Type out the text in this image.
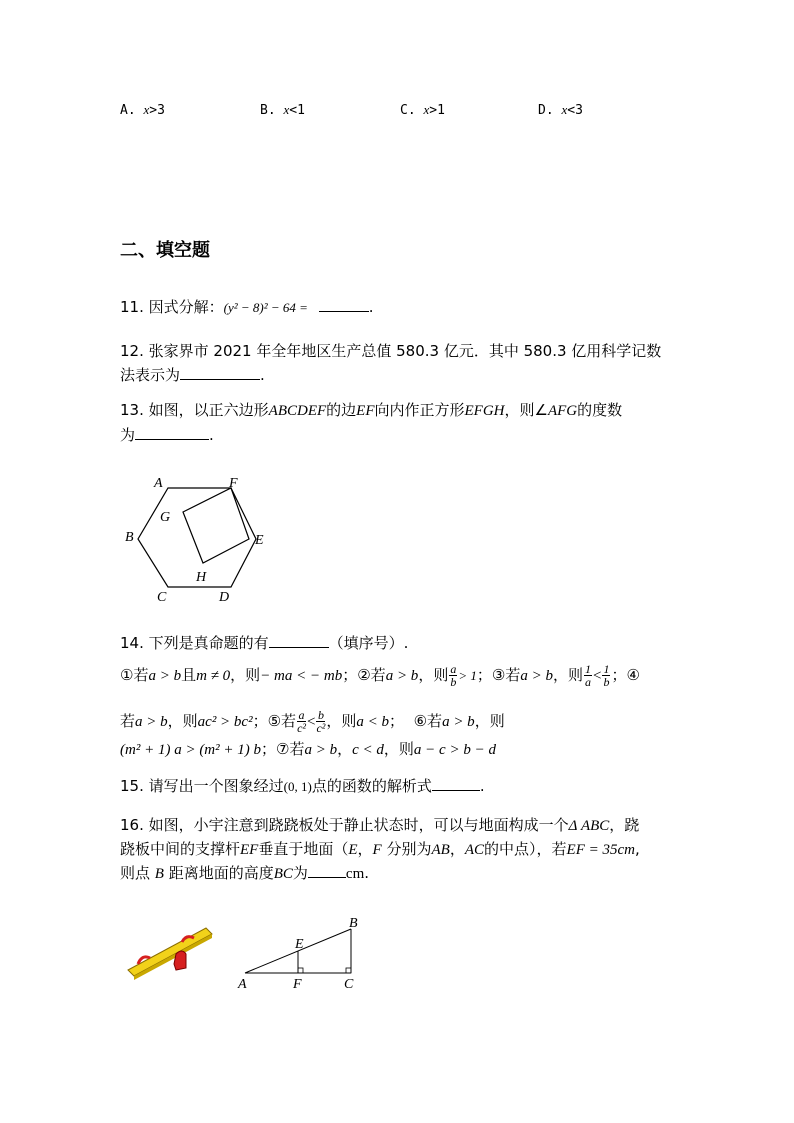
A. x>3	B. x<1	C. x>1	D. x<3
二、填空题
11. 因式分解：(y² − 8)² − 64 =	.
12. 张家界市 2021 年全年地区生产总值 580.3 亿元．其中 580.3 亿用科学记数
法表示为	.
13. 如图，以正六边形ABCDEF的边EF向内作正方形EFGH，则∠AFG的度数
为	.
A	F
G
B	E
H
C	D
14. 下列是真命题的有	（填序号）.
①若a > b且m ≠ 0，则− ma < − mb；②若a > b，则 $\frac{a}{b} > 1$；③若a > b，则 $\frac{1}{a} < \frac{1}{b}$ ；④
若a > b，则ac² > bc²；⑤若 $\frac{a}{\text{c²}} < \frac{b}{\text{c²}}$ ，则a < b； ⑥若a > b，则
(m² + 1) a > (m² + 1) b；⑦若a > b，c < d，则a − c > b − d
15. 请写出一个图象经过(0, 1)点的函数的解析式	.
16. 如图，小宇注意到跷跷板处于静止状态时，可以与地面构成一个Δ ABC，跷
跷板中间的支撑杆EF垂直于地面（E，F 分别为AB，AC的中点），若EF = 35cm,
则点 B 距离地面的高度BC为	cm.
A
B
C
E
F
